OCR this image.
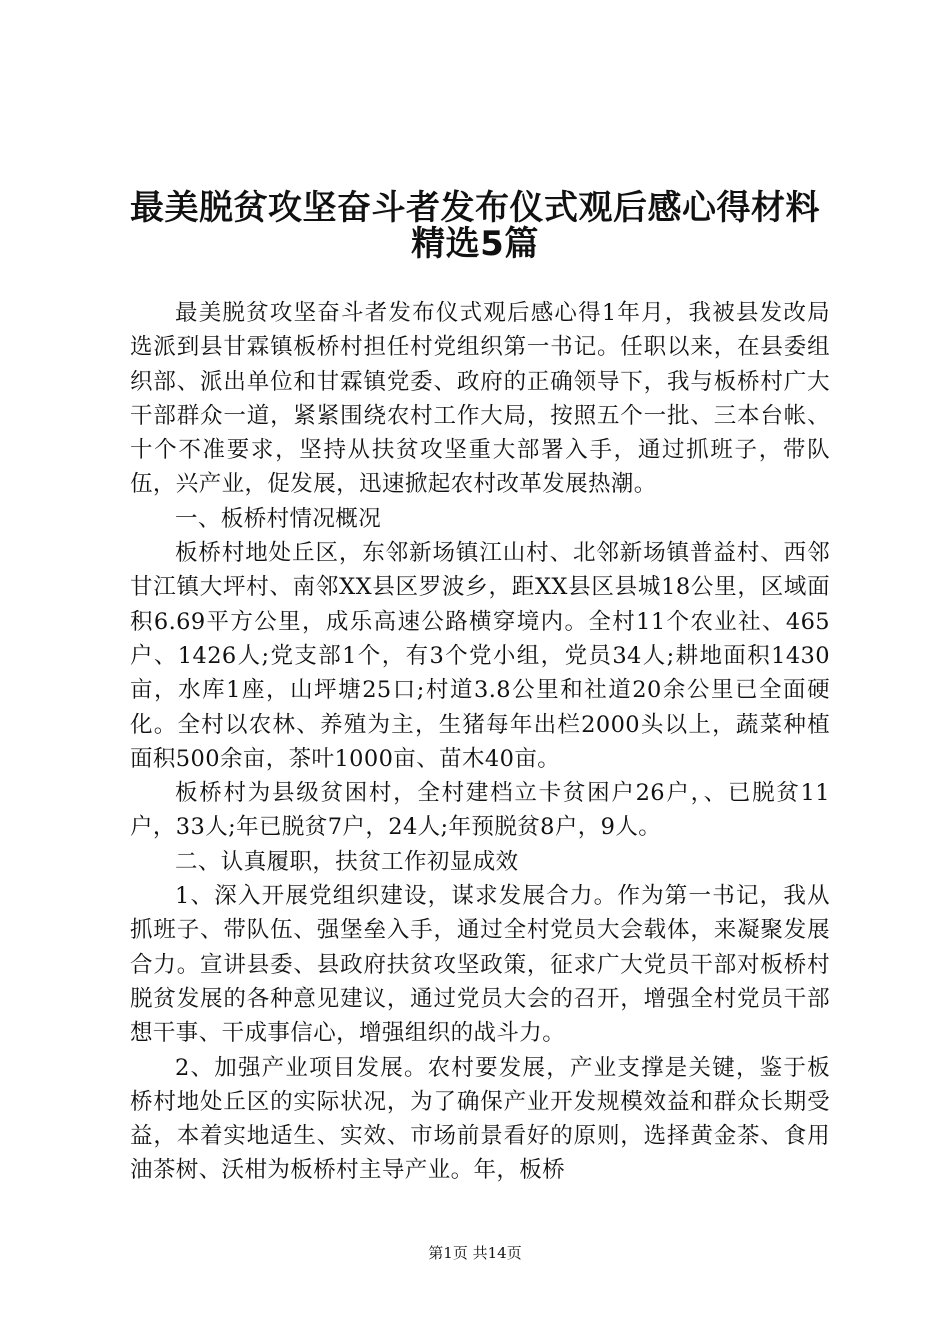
最美脱贫攻坚奋斗者发布仪式观后感心得材料
精选5篇

最美脱贫攻坚奋斗者发布仪式观后感心得1年月，我被县发改局选派到县甘霖镇板桥村担任村党组织第一书记。任职以来，在县委组织部、派出单位和甘霖镇党委、政府的正确领导下，我与板桥村广大干部群众一道，紧紧围绕农村工作大局，按照五个一批、三本台帐、十个不准要求，坚持从扶贫攻坚重大部署入手，通过抓班子，带队伍，兴产业，促发展，迅速掀起农村改革发展热潮。

一、板桥村情况概况

板桥村地处丘区，东邻新场镇江山村、北邻新场镇普益村、西邻甘江镇大坪村、南邻XX县区罗波乡，距XX县区县城18公里，区域面积6.69平方公里，成乐高速公路横穿境内。全村11个农业社、465户、1426人;党支部1个，有3个党小组，党员34人;耕地面积1430亩，水库1座，山坪塘25口;村道3.8公里和社道20余公里已全面硬化。全村以农林、养殖为主，生猪每年出栏2000头以上，蔬菜种植面积500余亩，茶叶1000亩、苗木40亩。

板桥村为县级贫困村，全村建档立卡贫困户26户，、已脱贫11户，33人;年已脱贫7户，24人;年预脱贫8户，9人。

二、认真履职，扶贫工作初显成效

1、深入开展党组织建设，谋求发展合力。作为第一书记，我从抓班子、带队伍、强堡垒入手，通过全村党员大会载体，来凝聚发展合力。宣讲县委、县政府扶贫攻坚政策，征求广大党员干部对板桥村脱贫发展的各种意见建议，通过党员大会的召开，增强全村党员干部想干事、干成事信心，增强组织的战斗力。

2、加强产业项目发展。农村要发展，产业支撑是关键，鉴于板桥村地处丘区的实际状况，为了确保产业开发规模效益和群众长期受益，本着实地适生、实效、市场前景看好的原则，选择黄金茶、食用油茶树、沃柑为板桥村主导产业。年，板桥

第1页 共14页
